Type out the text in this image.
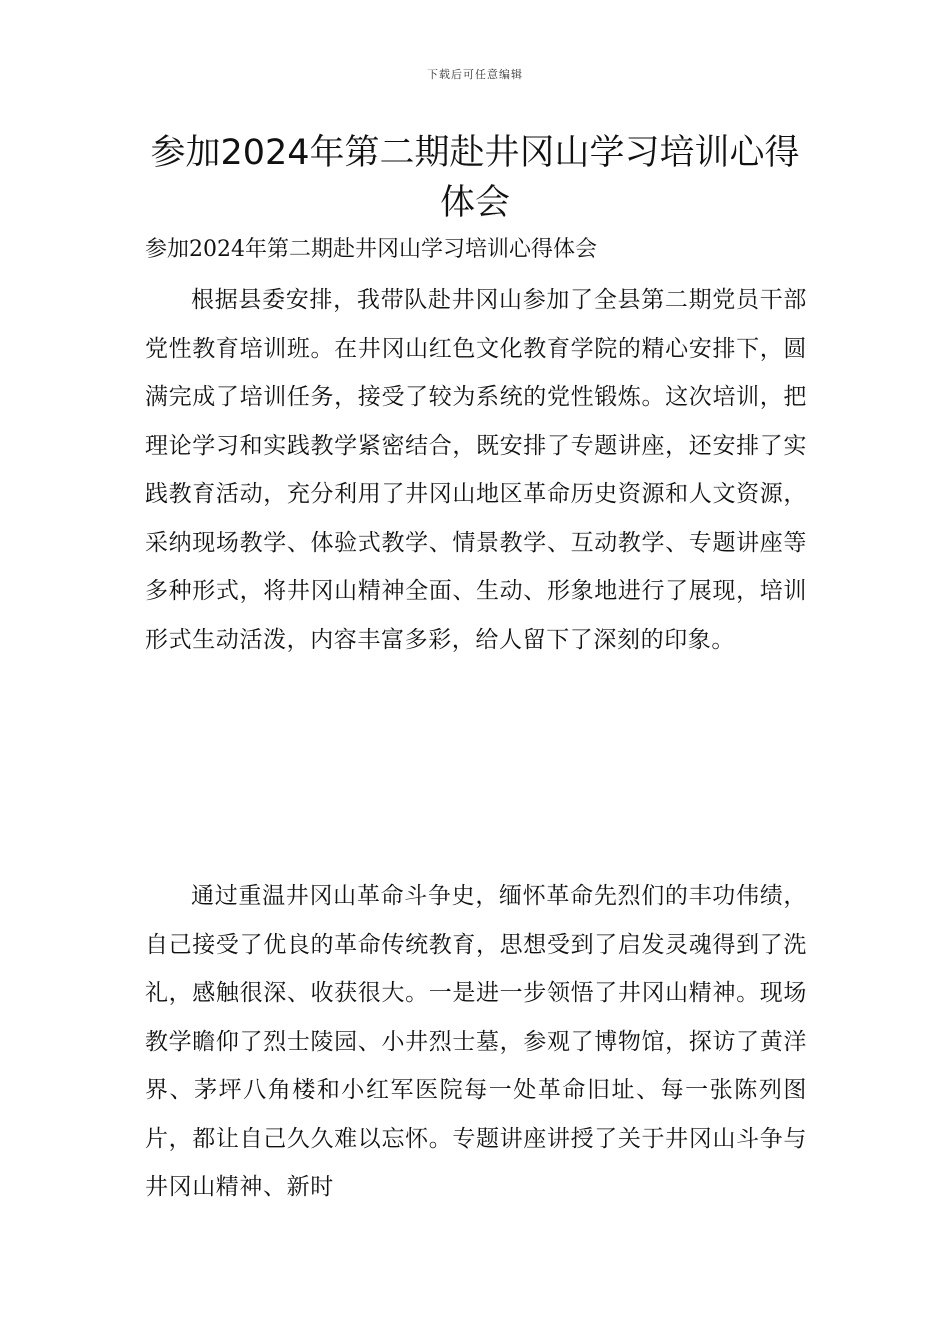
下载后可任意编辑
参加2024年第二期赴井冈山学习培训心得体会

参加2024年第二期赴井冈山学习培训心得体会

根据县委安排，我带队赴井冈山参加了全县第二期党员干部党性教育培训班。在井冈山红色文化教育学院的精心安排下，圆满完成了培训任务，接受了较为系统的党性锻炼。这次培训，把理论学习和实践教学紧密结合，既安排了专题讲座，还安排了实践教育活动，充分利用了井冈山地区革命历史资源和人文资源，采纳现场教学、体验式教学、情景教学、互动教学、专题讲座等多种形式，将井冈山精神全面、生动、形象地进行了展现，培训形式生动活泼，内容丰富多彩，给人留下了深刻的印象。

通过重温井冈山革命斗争史，缅怀革命先烈们的丰功伟绩，自己接受了优良的革命传统教育，思想受到了启发灵魂得到了洗礼，感触很深、收获很大。一是进一步领悟了井冈山精神。现场教学瞻仰了烈士陵园、小井烈士墓，参观了博物馆，探访了黄洋界、茅坪八角楼和小红军医院每一处革命旧址、每一张陈列图片，都让自己久久难以忘怀。专题讲座讲授了关于井冈山斗争与井冈山精神、新时
